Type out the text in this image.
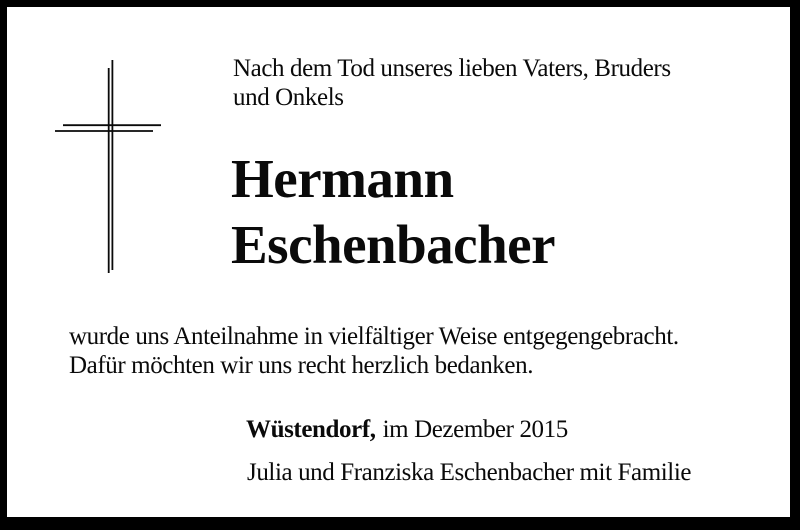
Nach dem Tod unseres lieben Vaters, Bruders
und Onkels
Hermann
Eschenbacher
wurde uns Anteilnahme in vielfältiger Weise entgegengebracht.
Dafür möchten wir uns recht herzlich bedanken.
Wüstendorf, im Dezember 2015
Julia und Franziska Eschenbacher mit Familie
